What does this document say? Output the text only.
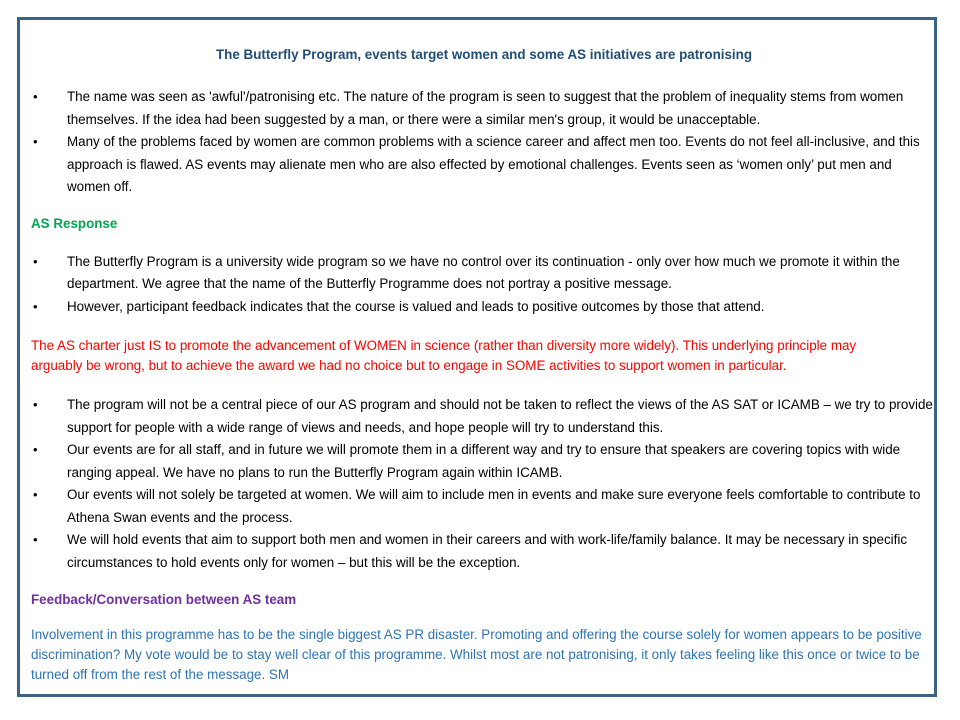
The Butterfly Program, events target women and some AS initiatives are patronising
• The name was seen as 'awful'/patronising etc. The nature of the program is seen to suggest that the problem of inequality stems from women themselves. If the idea had been suggested by a man, or there were a similar men's group, it would be unacceptable.
• Many of the problems faced by women are common problems with a science career and affect men too. Events do not feel all-inclusive, and this approach is flawed. AS events may alienate men who are also effected by emotional challenges. Events seen as ‘women only’ put men and women off.
AS Response
• The Butterfly Program is a university wide program so we have no control over its continuation - only over how much we promote it within the department. We agree that the name of the Butterfly Programme does not portray a positive message.
• However, participant feedback indicates that the course is valued and leads to positive outcomes by those that attend.
The AS charter just IS to promote the advancement of WOMEN in science (rather than diversity more widely). This underlying principle may arguably be wrong, but to achieve the award we had no choice but to engage in SOME activities to support women in particular.
• The program will not be a central piece of our AS program and should not be taken to reflect the views of the AS SAT or ICAMB – we try to provide support for people with a wide range of views and needs, and hope people will try to understand this.
• Our events are for all staff, and in future we will promote them in a different way and try to ensure that speakers are covering topics with wide ranging appeal. We have no plans to run the Butterfly Program again within ICAMB.
• Our events will not solely be targeted at women. We will aim to include men in events and make sure everyone feels comfortable to contribute to Athena Swan events and the process.
• We will hold events that aim to support both men and women in their careers and with work-life/family balance. It may be necessary in specific circumstances to hold events only for women – but this will be the exception.
Feedback/Conversation between AS team
Involvement in this programme has to be the single biggest AS PR disaster. Promoting and offering the course solely for women appears to be positive discrimination? My vote would be to stay well clear of this programme. Whilst most are not patronising, it only takes feeling like this once or twice to be turned off from the rest of the message. SM
